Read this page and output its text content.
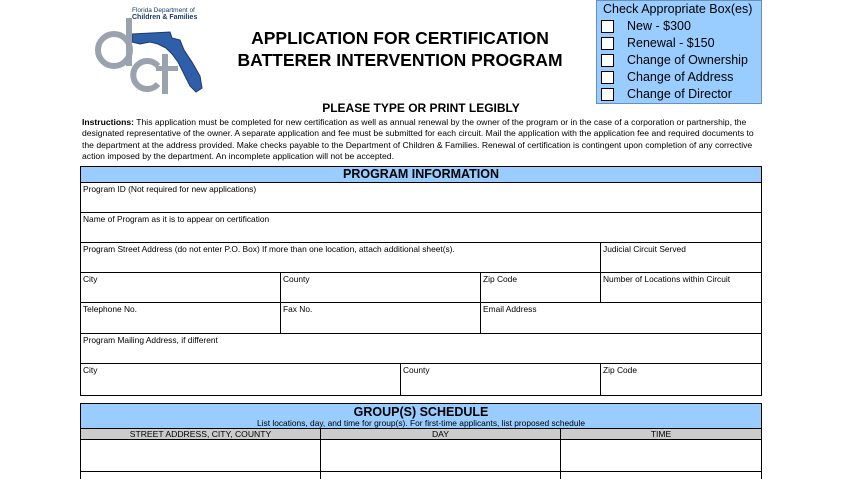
Florida Department of

Children & Families
APPLICATION FOR CERTIFICATION
BATTERER INTERVENTION PROGRAM
Check Appropriate Box(es)
New - $300
Renewal - $150
Change of Ownership
Change of Address
Change of Director
PLEASE TYPE OR PRINT LEGIBLY
Instructions: This application must be completed for new certification as well as annual renewal by the owner of the program or in the case of a corporation or partnership, the designated representative of the owner. A separate application and fee must be submitted for each circuit. Mail the application with the application fee and required documents to the department at the address provided. Make checks payable to the Department of Children & Families. Renewal of certification is contingent upon completion of any corrective action imposed by the department. An incomplete application will not be accepted.
PROGRAM INFORMATION
Program ID (Not required for new applications)
Name of Program as it is to appear on certification
Program Street Address (do not enter P.O. Box) If more than one location, attach additional sheet(s).	Judicial Circuit Served
City	County	Zip Code	Number of Locations within Circuit
Telephone No.	Fax No.	Email Address
Program Mailing Address, if different
City	County	Zip Code
GROUP(S) SCHEDULE
List locations, day, and time for group(s). For first-time applicants, list proposed schedule
STREET ADDRESS, CITY, COUNTY	DAY	TIME
